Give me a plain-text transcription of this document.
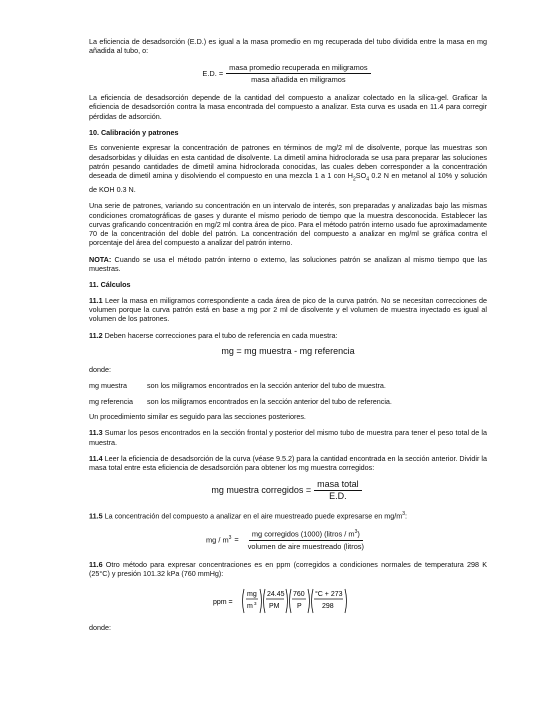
La eficiencia de desadsorción (E.D.) es igual a la masa promedio en mg recuperada del tubo dividida entre la masa en mg añadida al tubo, o:

E.D. = $\frac{\text{masa promedio recuperada en miligramos}}{\text{masa añadida en miligramos}}$

La eficiencia de desadsorción depende de la cantidad del compuesto a analizar colectado en la sílica-gel. Graficar la eficiencia de desadsorción contra la masa encontrada del compuesto a analizar. Esta curva es usada en 11.4 para corregir pérdidas de adsorción.

10. Calibración y patrones

Es conveniente expresar la concentración de patrones en términos de mg/2 ml de disolvente, porque las muestras son desadsorbidas y diluidas en esta cantidad de disolvente. La dimetil amina hidroclorada se usa para preparar las soluciones patrón pesando cantidades de dimetil amina hidroclorada conocidas, las cuales deben corresponder a la concentración deseada de dimetil amina y disolviendo el compuesto en una mezcla 1 a 1 con $H_2SO_4$ 0.2 N en metanol al 10% y solución de KOH 0.3 N.

Una serie de patrones, variando su concentración en un intervalo de interés, son preparadas y analizadas bajo las mismas condiciones cromatográficas de gases y durante el mismo periodo de tiempo que la muestra desconocida. Establecer las curvas graficando concentración en mg/2 ml contra área de pico. Para el método patrón interno usado fue aproximadamente 70 de la concentración del doble del patrón. La concentración del compuesto a analizar en mg/ml se gráfica contra el porcentaje del área del compuesto a analizar del patrón interno.

NOTA: Cuando se usa el método patrón interno o externo, las soluciones patrón se analizan al mismo tiempo que las muestras.

11. Cálculos

11.1 Leer la masa en miligramos correspondiente a cada área de pico de la curva patrón. No se necesitan correcciones de volumen porque la curva patrón está en base a mg por 2 ml de disolvente y el volumen de muestra inyectado es igual al volumen de los patrones.

11.2 Deben hacerse correcciones para el tubo de referencia en cada muestra:

mg = mg muestra - mg referencia

donde:

mg muestra	son los miligramos encontrados en la sección anterior del tubo de muestra.
mg referencia	son los miligramos encontrados en la sección anterior del tubo de referencia.

Un procedimiento similar es seguido para las secciones posteriores.

11.3 Sumar los pesos encontrados en la sección frontal y posterior del mismo tubo de muestra para tener el peso total de la muestra.

11.4 Leer la eficiencia de desadsorción de la curva (véase 9.5.2) para la cantidad encontrada en la sección anterior. Dividir la masa total entre esta eficiencia de desadsorción para obtener los mg muestra corregidos:

mg muestra corregidos = $\frac{\text{masa total}}{E.D.}$

11.5 La concentración del compuesto a analizar en el aire muestreado puede expresarse en $mg/m^3$:

mg / $m^3 = \frac{mg corregidos (1000) (litros / m^3)}{\text{volumen de aire muestreado (litros)}}$

11.6 Otro método para expresar concentraciones es en ppm (corregidos a condiciones normales de temperatura 298 K (25°C) y presión 101.32 kPa (760 mmHg):

ppm =
mg
m 3
24.45
PM
760
P
°C + 273
298

donde:
